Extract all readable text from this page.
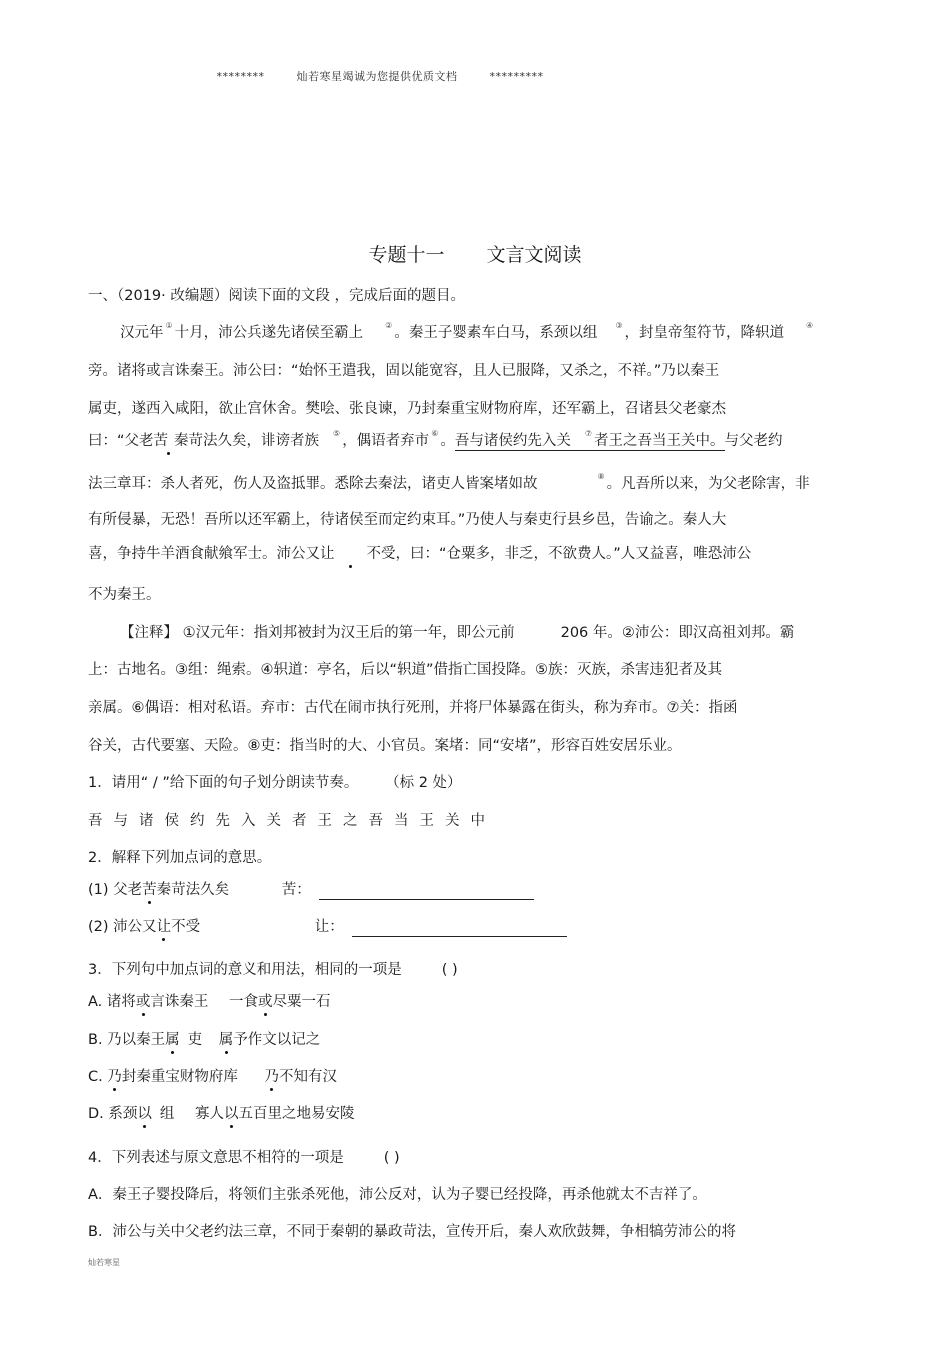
********	灿若寒星竭诚为您提供优质文档	*********
专题十一 文言文阅读
一、（2019· 改编题）阅读下面的文段 ，完成后面的题目。
汉元年 ① 十月，沛公兵遂先诸侯至霸上	② 。秦王子婴素车白马，系颈以组 ③ ，封皇帝玺符节，降轵道	④
旁。诸将或言诛秦王。沛公曰：“始怀王遣我，固以能宽容，且人已服降，又杀之，不祥。”乃以秦王
属吏，遂西入咸阳，欲止宫休舍。樊哙、张良谏，乃封秦重宝财物府库，还军霸上，召诸县父老豪杰
曰：“父老苦 秦苛法久矣，诽谤者族 ⑤ ，偶语者弃市 ⑥ 。吾与诸侯约先入关 ⑦ 者王之吾当王关中。与父老约
法三章耳：杀人者死，伤人及盗抵罪。悉除去秦法，诸吏人皆案堵如故	⑧ 。凡吾所以来，为父老除害，非
有所侵暴，无恐！吾所以还军霸上，待诸侯至而定约束耳。”乃使人与秦吏行县乡邑，告谕之。秦人大
喜，争持牛羊酒食献飨军士。沛公又让 不受，曰：“仓粟多，非乏，不欲费人。”人又益喜，唯恐沛公
不为秦王。
【注释】 ①汉元年：指刘邦被封为汉王后的第一年，即公元前	206 年。②沛公：即汉高祖刘邦。霸
上：古地名。③组：绳索。④轵道：亭名，后以“轵道”借指亡国投降。⑤族：灭族，杀害违犯者及其
亲属。⑥偶语：相对私语。弃市：古代在闹市执行死刑，并将尸体暴露在街头，称为弃市。⑦关：指函
谷关，古代要塞、天险。⑧吏：指当时的大、小官员。案堵：同“安堵”，形容百姓安居乐业。
1．请用“ / ”给下面的句子划分朗读节奏。 （标 2 处）
吾与诸侯约先入关者王之吾当王关中
2．解释下列加点词的意思。
(1) 父老苦秦苛法久矣	苦：
(2) 沛公又让不受	让：
3．下列句中加点词的意义和用法，相同的一项是	( )
A. 诸将或言诛秦王 一食或尽粟一石
B. 乃以秦王属 吏 属予作文以记之
C. 乃封秦重宝财物府库 乃不知有汉
D. 系颈以 组 寡人以五百里之地易安陵
4．下列表述与原文意思不相符的一项是	( )
A．秦王子婴投降后，将领们主张杀死他，沛公反对，认为子婴已经投降，再杀他就太不吉祥了。
B．沛公与关中父老约法三章，不同于秦朝的暴政苛法，宣传开后，秦人欢欣鼓舞，争相犒劳沛公的将
灿若寒星
